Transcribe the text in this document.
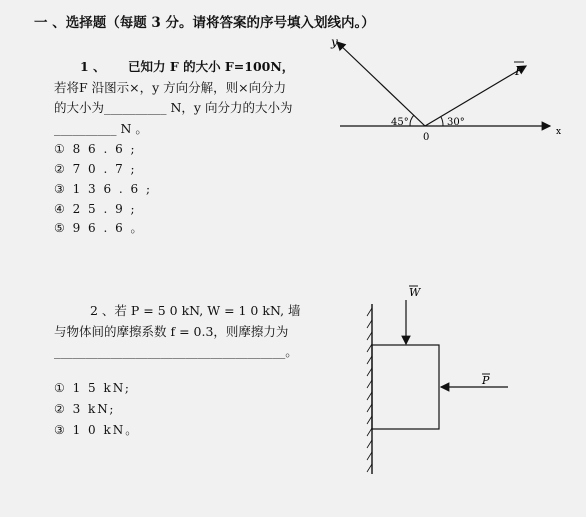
一 、选择题（每题 3 分。请将答案的序号填入划线内。）
1 、 已知力 F 的大小 F=100N，
若将F 沿图示×，y 方向分解，则×向分力
的大小为__________ N，y 向分力的大小为
__________ N 。
① 8 6 . 6 ;
② 7 0 . 7 ;
③ 1 3 6 . 6 ;
④ 2 5 . 9 ;
⑤ 9 6 . 6 。
2 、若 P = 5 0 kN, W = 1 0 kN, 墙
与物体间的摩擦系数 f = 0.3，则摩擦力为
_____________________________________。
① 1 5 kN;
② 3 kN;
③ 1 0 kN。
y
F
x
45°	30°
0
W
P
